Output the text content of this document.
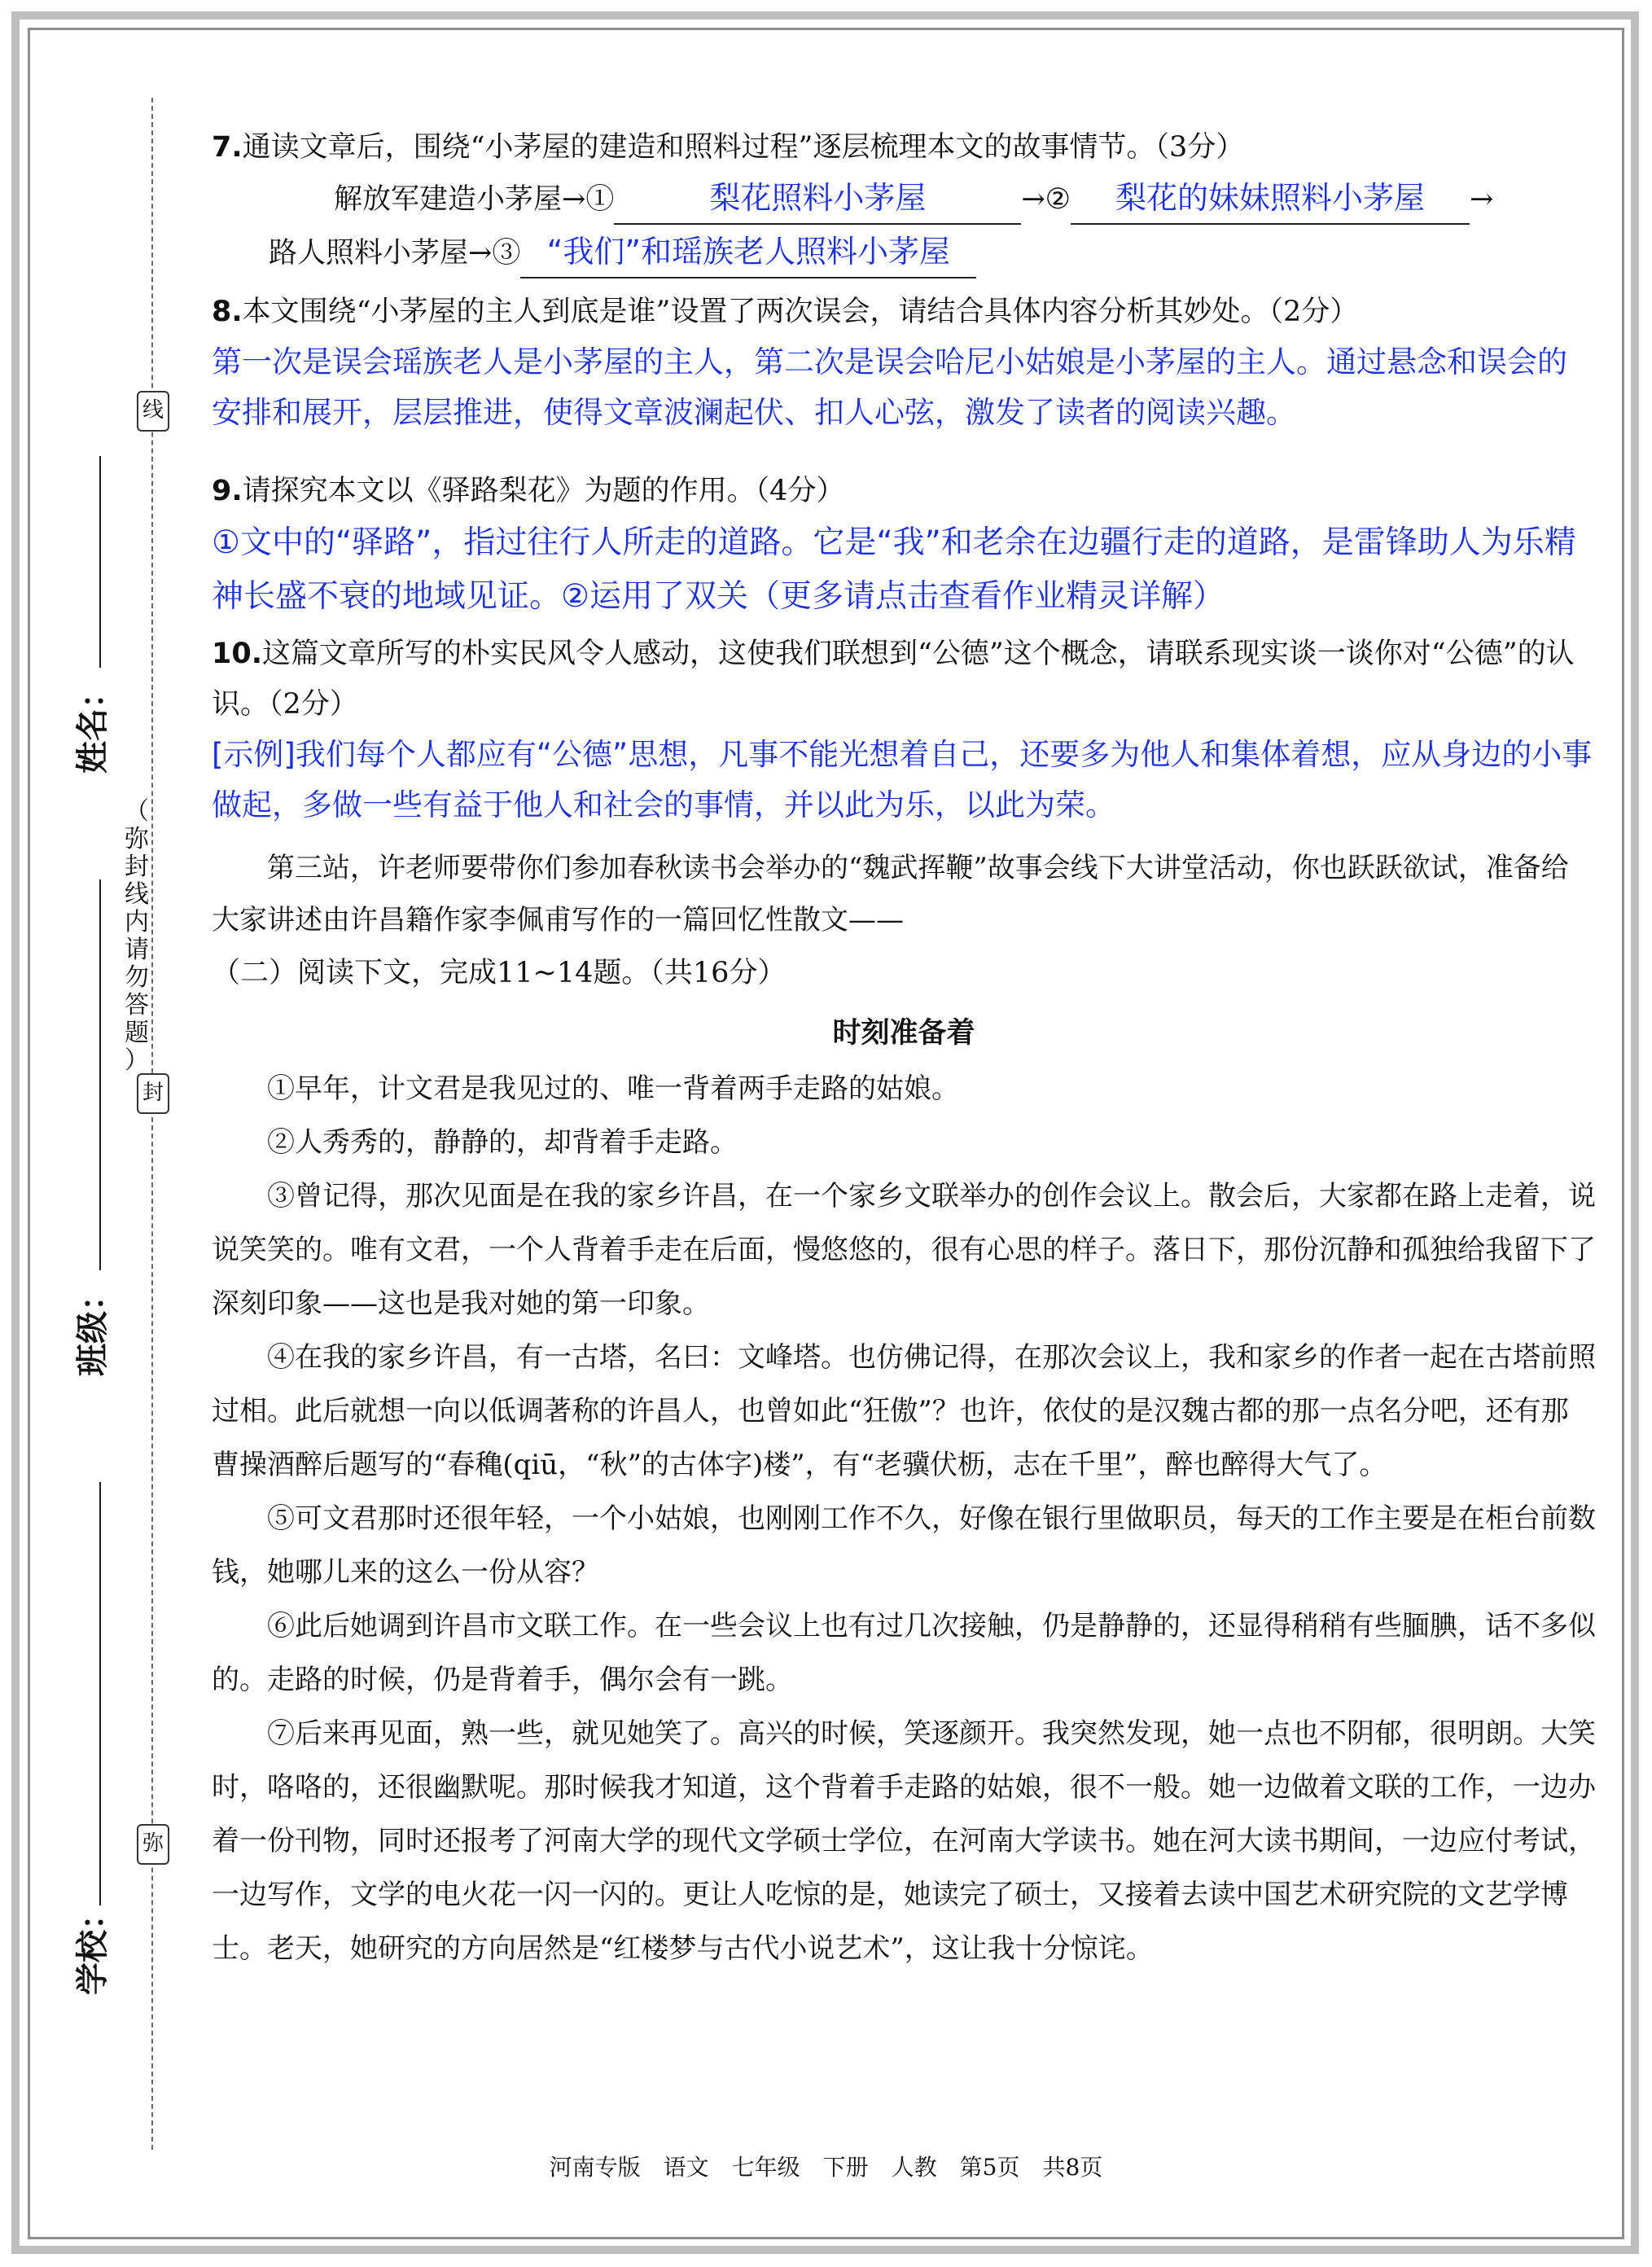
线
封
弥
姓名：
班级：
学校：
（
弥
封
线
内
请
勿
答
题
）

7.通读文章后，围绕“小茅屋的建造和照料过程”逐层梳理本文的故事情节。（3分）

解放军建造小茅屋→①	梨花照料小茅屋	→② 梨花的妹妹照料小茅屋 →
路人照料小茅屋→③ “我们”和瑶族老人照料小茅屋

8.本文围绕“小茅屋的主人到底是谁”设置了两次误会，请结合具体内容分析其妙处。（2分）

第一次是误会瑶族老人是小茅屋的主人，第二次是误会哈尼小姑娘是小茅屋的主人。通过悬念和误会的安排和展开，层层推进，使得文章波澜起伏、扣人心弦，激发了读者的阅读兴趣。

9.请探究本文以《驿路梨花》为题的作用。（4分）

①文中的“驿路”，指过往行人所走的道路。它是“我”和老余在边疆行走的道路，是雷锋助人为乐精神长盛不衰的地域见证。②运用了双关（更多请点击查看作业精灵详解）

10.这篇文章所写的朴实民风令人感动，这使我们联想到“公德”这个概念，请联系现实谈一谈你对“公德”的认识。（2分）

[示例]我们每个人都应有“公德”思想，凡事不能光想着自己，还要多为他人和集体着想，应从身边的小事做起，多做一些有益于他人和社会的事情，并以此为乐，以此为荣。

第三站，许老师要带你们参加春秋读书会举办的“魏武挥鞭”故事会线下大讲堂活动，你也跃跃欲试，准备给大家讲述由许昌籍作家李佩甫写作的一篇回忆性散文——

（二）阅读下文，完成11~14题。（共16分）

时刻准备着

①早年，计文君是我见过的、唯一背着两手走路的姑娘。

②人秀秀的，静静的，却背着手走路。

③曾记得，那次见面是在我的家乡许昌，在一个家乡文联举办的创作会议上。散会后，大家都在路上走着，说说笑笑的。唯有文君，一个人背着手走在后面，慢悠悠的，很有心思的样子。落日下，那份沉静和孤独给我留下了深刻印象——这也是我对她的第一印象。

④在我的家乡许昌，有一古塔，名曰：文峰塔。也仿佛记得，在那次会议上，我和家乡的作者一起在古塔前照过相。此后就想一向以低调著称的许昌人，也曾如此“狂傲”？也许，依仗的是汉魏古都的那一点名分吧，还有那曹操酒醉后题写的“春穐(qiū，“秋”的古体字)楼”，有“老骥伏枥，志在千里”，醉也醉得大气了。

⑤可文君那时还很年轻，一个小姑娘，也刚刚工作不久，好像在银行里做职员，每天的工作主要是在柜台前数钱，她哪儿来的这么一份从容？

⑥此后她调到许昌市文联工作。在一些会议上也有过几次接触，仍是静静的，还显得稍稍有些腼腆，话不多似的。走路的时候，仍是背着手，偶尔会有一跳。

⑦后来再见面，熟一些，就见她笑了。高兴的时候，笑逐颜开。我突然发现，她一点也不阴郁，很明朗。大笑时，咯咯的，还很幽默呢。那时候我才知道，这个背着手走路的姑娘，很不一般。她一边做着文联的工作，一边办着一份刊物，同时还报考了河南大学的现代文学硕士学位，在河南大学读书。她在河大读书期间，一边应付考试，一边写作，文学的电火花一闪一闪的。更让人吃惊的是，她读完了硕士，又接着去读中国艺术研究院的文艺学博士。老天，她研究的方向居然是“红楼梦与古代小说艺术”，这让我十分惊诧。

河南专版　语文　七年级　下册　人教　第5页　共8页
